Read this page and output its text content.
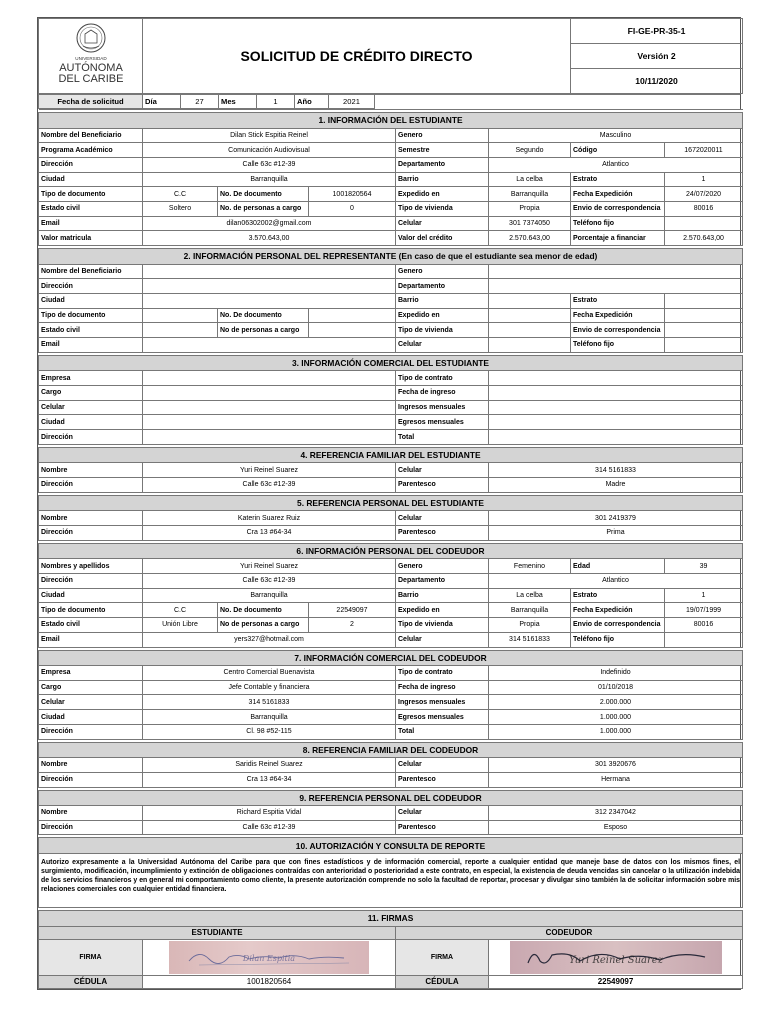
UNIVERSIDAD
AUTÓNOMA
DEL CARIBE
	SOLICITUD DE CRÉDITO DIRECTO	FI-GE-PR-35-1
Versión 2
10/11/2020
Fecha de solicitud	Día	27	Mes	1	Año	2021	

1. INFORMACIÓN DEL ESTUDIANTE							
Nombre del Beneficiario	Dilan Stick Espitia Reinel			Genero	Masculino		
Programa Académico	Comunicación Audiovisual			Semestre	Segundo	Código	1672020011
Dirección	Calle 63c #12-39			Departamento	Atlantico		
Ciudad	Barranquilla			Barrio	La celba	Estrato	1
Tipo de documento	C.C	No. De documento	1001820564	Expedido en	Barranquilla	Fecha Expedición	24/07/2020
Estado civil	Soltero	No. de personas a cargo	0	Tipo de vivienda	Propia	Envio de correspondencia	80016
Email	dilan06302002@gmail.com			Celular	301 7374050	Teléfono fijo	
Valor matricula	3.570.643,00			Valor del crédito	2.570.643,00	Porcentaje a financiar	2.570.643,00

2. INFORMACIÓN PERSONAL DEL REPRESENTANTE (En caso de que el estudiante sea menor de edad)							
Nombre del Beneficiario				Genero			
Dirección				Departamento			
Ciudad				Barrio		Estrato	
Tipo de documento		No. De documento		Expedido en		Fecha Expedición	
Estado civil		No de personas a cargo		Tipo de vivienda		Envio de correspondencia	
Email				Celular		Teléfono fijo	

3. INFORMACIÓN COMERCIAL DEL ESTUDIANTE							
Empresa				Tipo de contrato			
Cargo				Fecha de ingreso			
Celular				Ingresos mensuales			
Ciudad				Egresos mensuales			
Dirección				Total			

4. REFERENCIA FAMILIAR DEL ESTUDIANTE							
Nombre	Yuri Reinel Suarez			Celular	314 5161833		
Dirección	Calle 63c #12-39			Parentesco	Madre		

5. REFERENCIA PERSONAL DEL ESTUDIANTE							
Nombre	Katerin Suarez Ruiz			Celular	301 2419379		
Dirección	Cra 13 #64-34			Parentesco	Prima		

6. INFORMACIÓN PERSONAL DEL CODEUDOR							
Nombres y apellidos	Yuri Reinel Suarez			Genero	Femenino	Edad	39
Dirección	Calle 63c #12-39			Departamento	Atlantico		
Ciudad	Barranquilla			Barrio	La celba	Estrato	1
Tipo de documento	C.C	No. De documento	22549097	Expedido en	Barranquilla	Fecha Expedición	19/07/1999
Estado civil	Unión Libre	No de personas a cargo	2	Tipo de vivienda	Propia	Envio de correspondencia	80016
Email	yers327@hotmail.com			Celular	314 5161833	Teléfono fijo	

7. INFORMACIÓN COMERCIAL DEL CODEUDOR							
Empresa	Centro Comercial Buenavista			Tipo de contrato	Indefinido		
Cargo	Jefe Contable y financiera			Fecha de ingreso	01/10/2018		
Celular	314 5161833			Ingresos mensuales	2.000.000		
Ciudad	Barranquilla			Egresos mensuales	1.000.000		
Dirección	Cl. 98 #52-115			Total	1.000.000		

8. REFERENCIA FAMILIAR DEL CODEUDOR							
Nombre	Saridis Reinel Suarez			Celular	301 3920676		
Dirección	Cra 13 #64-34			Parentesco	Hermana		

9. REFERENCIA PERSONAL DEL CODEUDOR							
Nombre	Richard Espitia Vidal			Celular	312 2347042		
Dirección	Calle 63c #12-39			Parentesco	Esposo		

10. AUTORIZACIÓN Y CONSULTA DE REPORTE							
Autorizo expresamente a la Universidad Autónoma del Caribe para que con fines estadísticos y de información comercial, reporte a cualquier entidad que maneje base de datos con los mismos fines, el surgimiento, modificación, incumplimiento y extinción de obligaciones contraídas con anterioridad o posterioridad a este contrato, en especial, la existencia de deuda vencidas sin cancelar o la utilización indebida de los servicios financieros y en general mi comportamiento como cliente, la presente autorización comprende no solo la facultad de reportar, procesar y divulgar sino también la de solicitar información sobre mis relaciones comerciales con cualquier entidad financiera.							

11. FIRMAS							
ESTUDIANTE				CODEUDOR			
FIRMA	Dilan Espitia			FIRMA	Yuri Reinel Suarez		

CÉDULA	1001820564			CÉDULA	22549097		
